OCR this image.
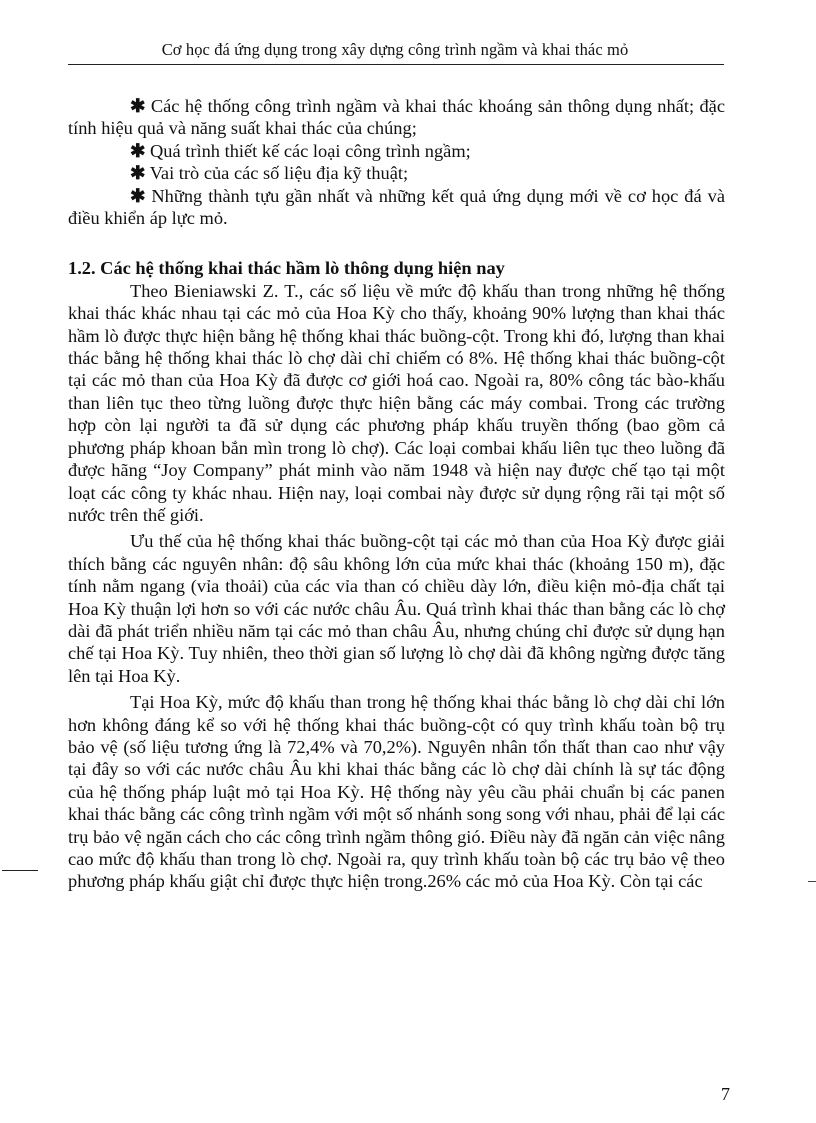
Cơ học đá ứng dụng trong xây dựng công trình ngầm và khai thác mỏ

✱ Các hệ thống công trình ngầm và khai thác khoáng sản thông dụng nhất; đặc tính hiệu quả và năng suất khai thác của chúng;

✱ Quá trình thiết kế các loại công trình ngầm;

✱ Vai trò của các số liệu địa kỹ thuật;

✱ Những thành tựu gần nhất và những kết quả ứng dụng mới về cơ học đá và điều khiển áp lực mỏ.

1.2. Các hệ thống khai thác hầm lò thông dụng hiện nay

Theo Bieniawski Z. T., các số liệu về mức độ khấu than trong những hệ thống khai thác khác nhau tại các mỏ của Hoa Kỳ cho thấy, khoảng 90% lượng than khai thác hầm lò được thực hiện bằng hệ thống khai thác buồng-cột. Trong khi đó, lượng than khai thác bằng hệ thống khai thác lò chợ dài chỉ chiếm có 8%. Hệ thống khai thác buồng-cột tại các mỏ than của Hoa Kỳ đã được cơ giới hoá cao. Ngoài ra, 80% công tác bào-khấu than liên tục theo từng luồng được thực hiện bằng các máy combai. Trong các trường hợp còn lại người ta đã sử dụng các phương pháp khấu truyền thống (bao gồm cả phương pháp khoan bắn mìn trong lò chợ). Các loại combai khấu liên tục theo luồng đã được hãng “Joy Company” phát minh vào năm 1948 và hiện nay được chế tạo tại một loạt các công ty khác nhau. Hiện nay, loại combai này được sử dụng rộng rãi tại một số nước trên thế giới.

Ưu thế của hệ thống khai thác buồng-cột tại các mỏ than của Hoa Kỳ được giải thích bằng các nguyên nhân: độ sâu không lớn của mức khai thác (khoảng 150 m), đặc tính nằm ngang (vỉa thoải) của các vỉa than có chiều dày lớn, điều kiện mỏ-địa chất tại Hoa Kỳ thuận lợi hơn so với các nước châu Âu. Quá trình khai thác than bằng các lò chợ dài đã phát triển nhiều năm tại các mỏ than châu Âu, nhưng chúng chỉ được sử dụng hạn chế tại Hoa Kỳ. Tuy nhiên, theo thời gian số lượng lò chợ dài đã không ngừng được tăng lên tại Hoa Kỳ.

Tại Hoa Kỳ, mức độ khấu than trong hệ thống khai thác bằng lò chợ dài chỉ lớn hơn không đáng kể so với hệ thống khai thác buồng-cột có quy trình khấu toàn bộ trụ bảo vệ (số liệu tương ứng là 72,4% và 70,2%). Nguyên nhân tổn thất than cao như vậy tại đây so với các nước châu Âu khi khai thác bằng các lò chợ dài chính là sự tác động của hệ thống pháp luật mỏ tại Hoa Kỳ. Hệ thống này yêu cầu phải chuẩn bị các panen khai thác bằng các công trình ngầm với một số nhánh song song với nhau, phải để lại các trụ bảo vệ ngăn cách cho các công trình ngầm thông gió. Điều này đã ngăn cản việc nâng cao mức độ khấu than trong lò chợ. Ngoài ra, quy trình khấu toàn bộ các trụ bảo vệ theo phương pháp khấu giật chỉ được thực hiện trong.26% các mỏ của Hoa Kỳ. Còn tại các

7
